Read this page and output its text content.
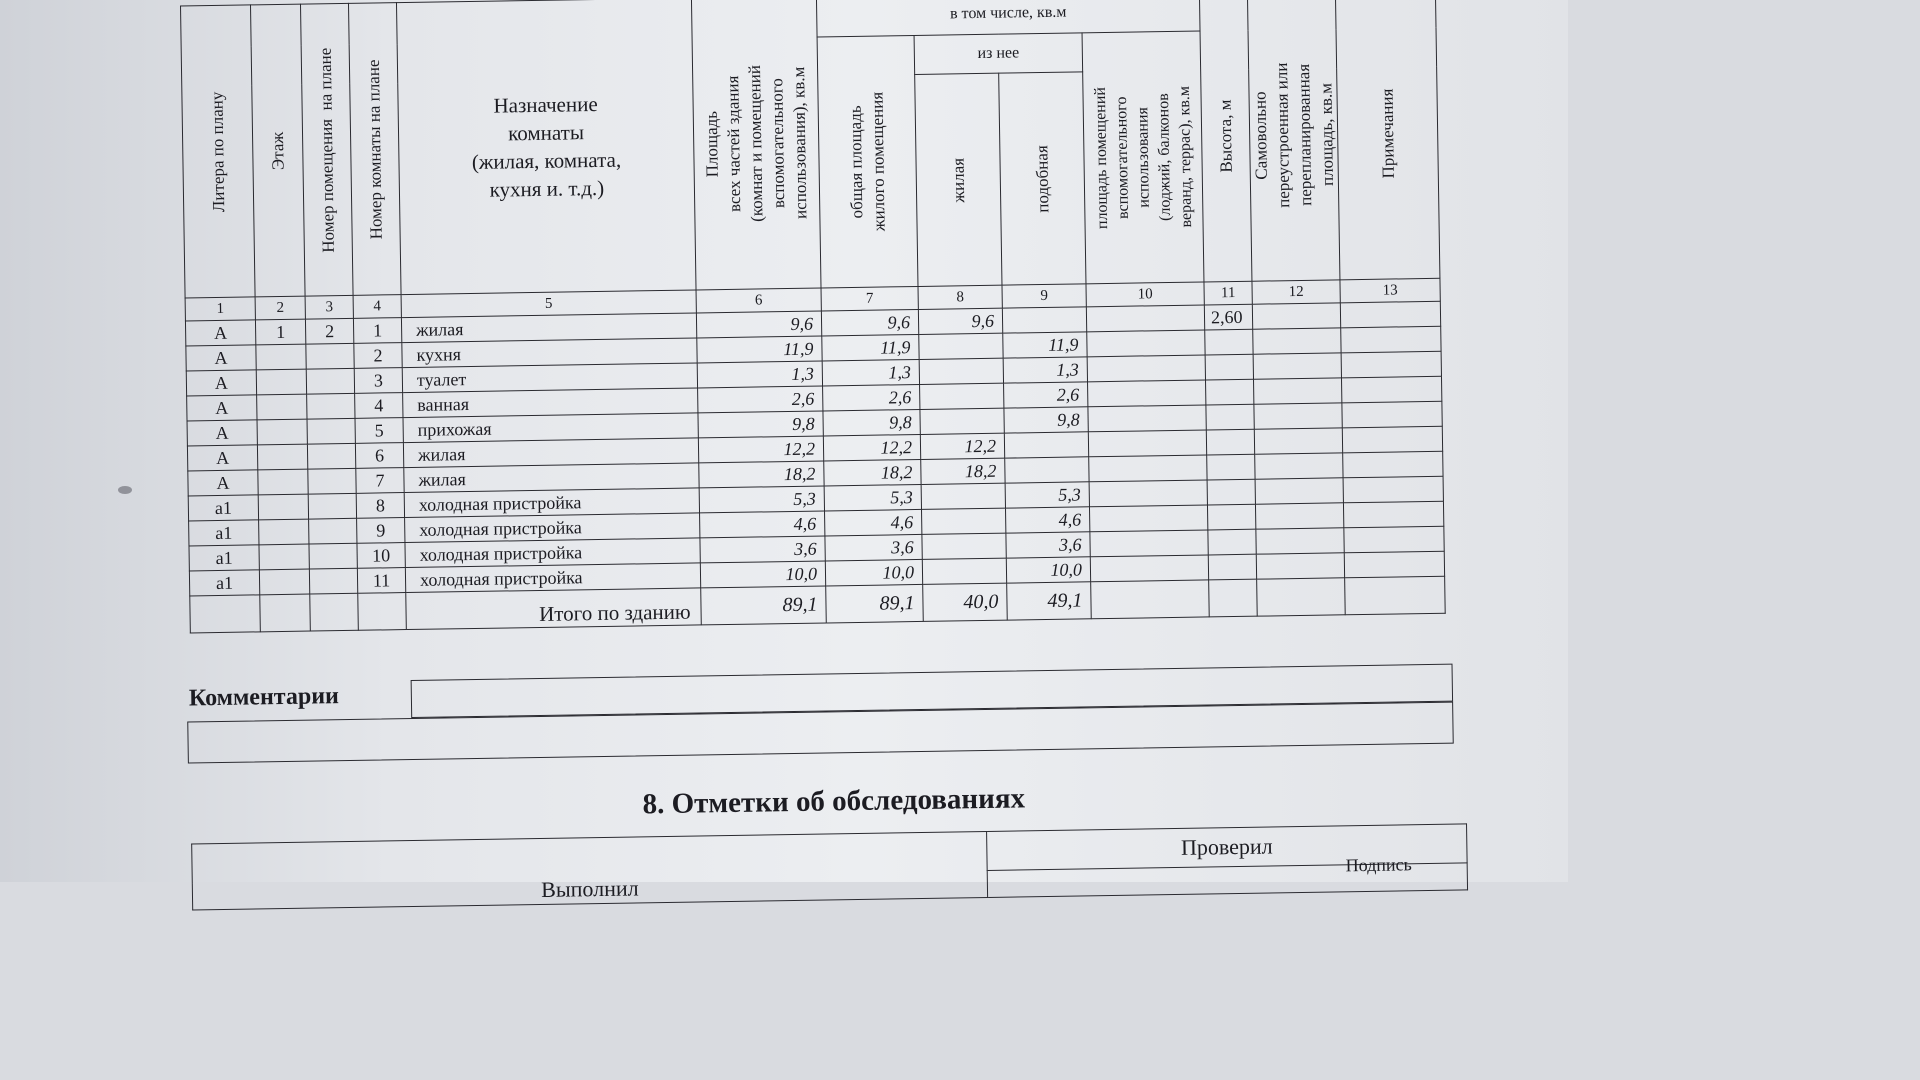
Литера по плану	Этаж	Номер помещения  на плане	Номер комнаты на плане	Назначение
комнаты
(жилая, комната,
кухня и. т.д.)	Площадь
всех частей здания
(комнат и помещений
вспомогательного
использования), кв.м	в том числе, кв.м				Высота, м	Самовольно
переустроенная или
перепланированная
площадь, кв.м	Примечания

						общая площадь
жилого помещения	из нее		площадь помещений
вспомогательного
использования
(лоджий, балконов
веранд, террас), кв.м			

							жилая	подобная				

1	2	3	4	5	6	7	8	9	10	11	12	13
А	1	2	1	жилая	9,6	9,6	9,6			2,60		
А			2	кухня	11,9	11,9		11,9				
А			3	туалет	1,3	1,3		1,3				
А			4	ванная	2,6	2,6		2,6				
А			5	прихожая	9,8	9,8		9,8				
А			6	жилая	12,2	12,2	12,2					
А			7	жилая	18,2	18,2	18,2					
a1			8	холодная пристройка	5,3	5,3		5,3				
a1			9	холодная пристройка	4,6	4,6		4,6				
a1			10	холодная пристройка	3,6	3,6		3,6				
a1			11	холодная пристройка	10,0	10,0		10,0				
				Итого по зданию	89,1	89,1	40,0	49,1				
Комментарии
8. Отметки об обследованиях
Выполнил	Проверил

Подпись
